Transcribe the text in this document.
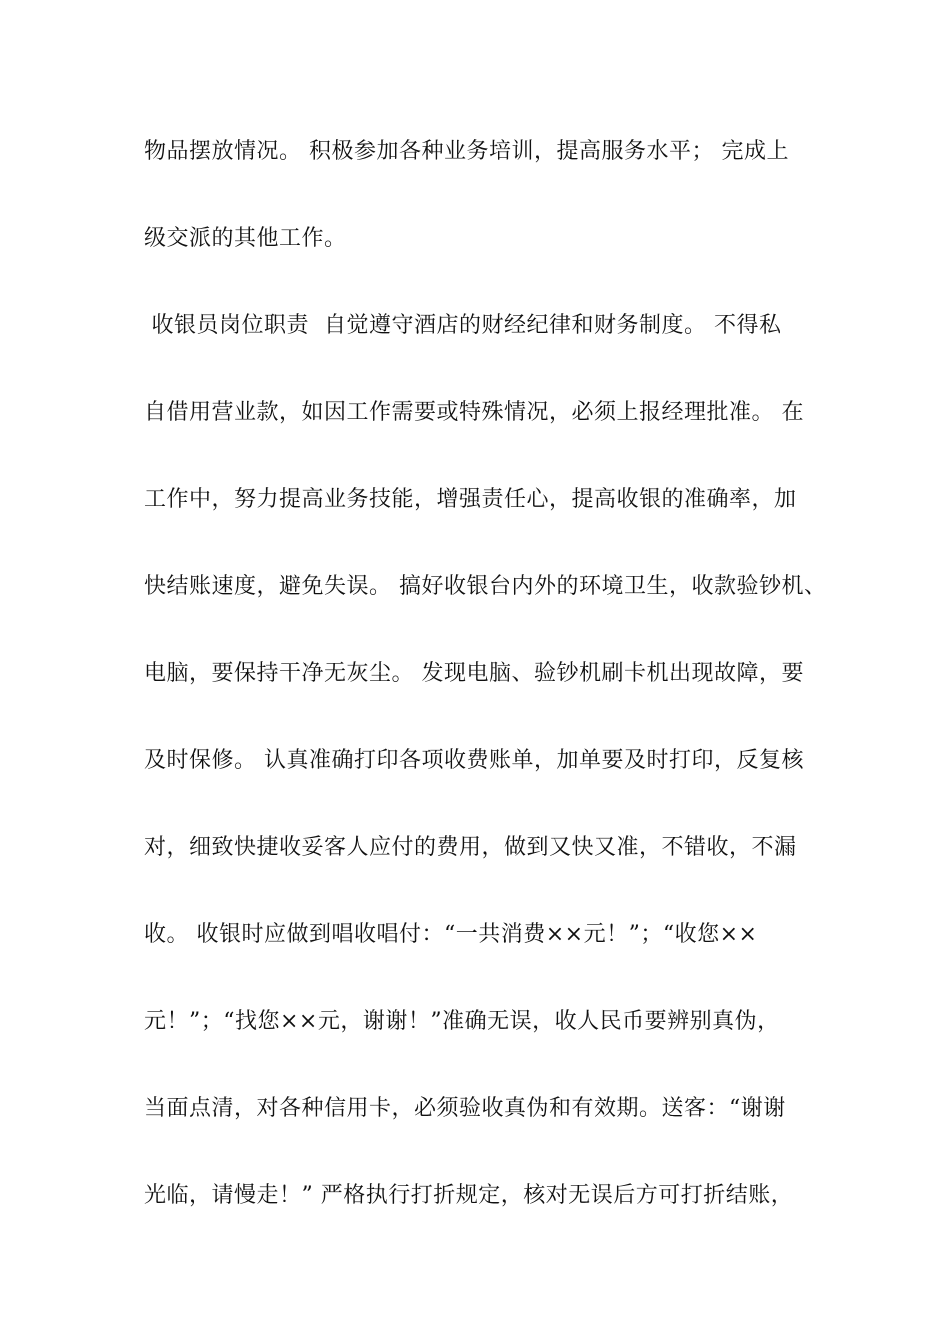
物品摆放情况。 积极参加各种业务培训，提高服务水平； 完成上
级交派的其他工作。
收银员岗位职责  自觉遵守酒店的财经纪律和财务制度。 不得私
自借用营业款，如因工作需要或特殊情况，必须上报经理批准。 在
工作中，努力提高业务技能，增强责任心，提高收银的准确率，加
快结账速度，避免失误。 搞好收银台内外的环境卫生，收款验钞机、
电脑，要保持干净无灰尘。 发现电脑、验钞机刷卡机出现故障，要
及时保修。 认真准确打印各项收费账单，加单要及时打印，反复核
对，细致快捷收妥客人应付的费用，做到又快又准，不错收，不漏
收。 收银时应做到唱收唱付：“一共消费××元！”；“收您××
元！”；“找您××元，谢谢！”准确无误，收人民币要辨别真伪，
当面点清，对各种信用卡，必须验收真伪和有效期。送客：“谢谢
光临，请慢走！” 严格执行打折规定，核对无误后方可打折结账，
